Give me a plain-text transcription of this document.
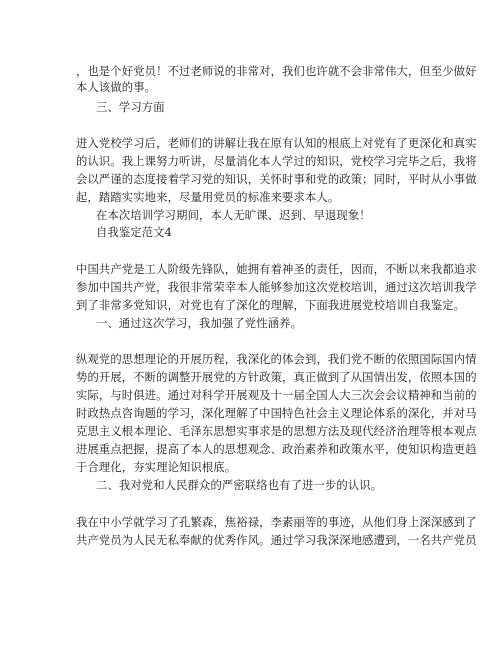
，也是个好党员！不过老师说的非常对，我们也许就不会非常伟大，但至少做好
本人该做的事。
三、学习方面
进入党校学习后，老师们的讲解让我在原有认知的根底上对党有了更深化和真实
的认识。我上课努力听讲，尽量消化本人学过的知识，党校学习完毕之后，我将
会以严谨的态度接着学习党的知识，关怀时事和党的政策；同时，平时从小事做
起，踏踏实实地来，尽量用党员的标准来要求本人。
在本次培训学习期间，本人无旷课、迟到、早退现象！
自我鉴定范文4
中国共产党是工人阶级先锋队，她拥有着神圣的责任，因而，不断以来我都追求
参加中国共产党，我很非常荣幸本人能够参加这次党校培训，通过这次培训我学
到了非常多党知识，对党也有了深化的理解，下面我进展党校培训自我鉴定。
一、通过这次学习，我加强了党性涵养。
纵观党的思想理论的开展历程，我深化的体会到，我们党不断的依照国际国内情
势的开展，不断的调整开展党的方针政策，真正做到了从国情出发，依照本国的
实际，与时俱进。通过对科学开展观及十一届全国人大三次会会议精神和当前的
时政热点咨询题的学习，深化理解了中国特色社会主义理论体系的深化，并对马
克思主义根本理论、毛泽东思想实事求是的思想方法及现代经济治理等根本观点
进展重点把握，提高了本人的思想观念、政治素养和政策水平，使知识构造更趋
于合理化，夯实理论知识根底。
二、我对党和人民群众的严密联络也有了进一步的认识。
我在中小学就学习了孔繁森，焦裕禄，李素丽等的事迹，从他们身上深深感到了
共产党员为人民无私奉献的优秀作风。通过学习我深深地感遭到，一名共产党员
